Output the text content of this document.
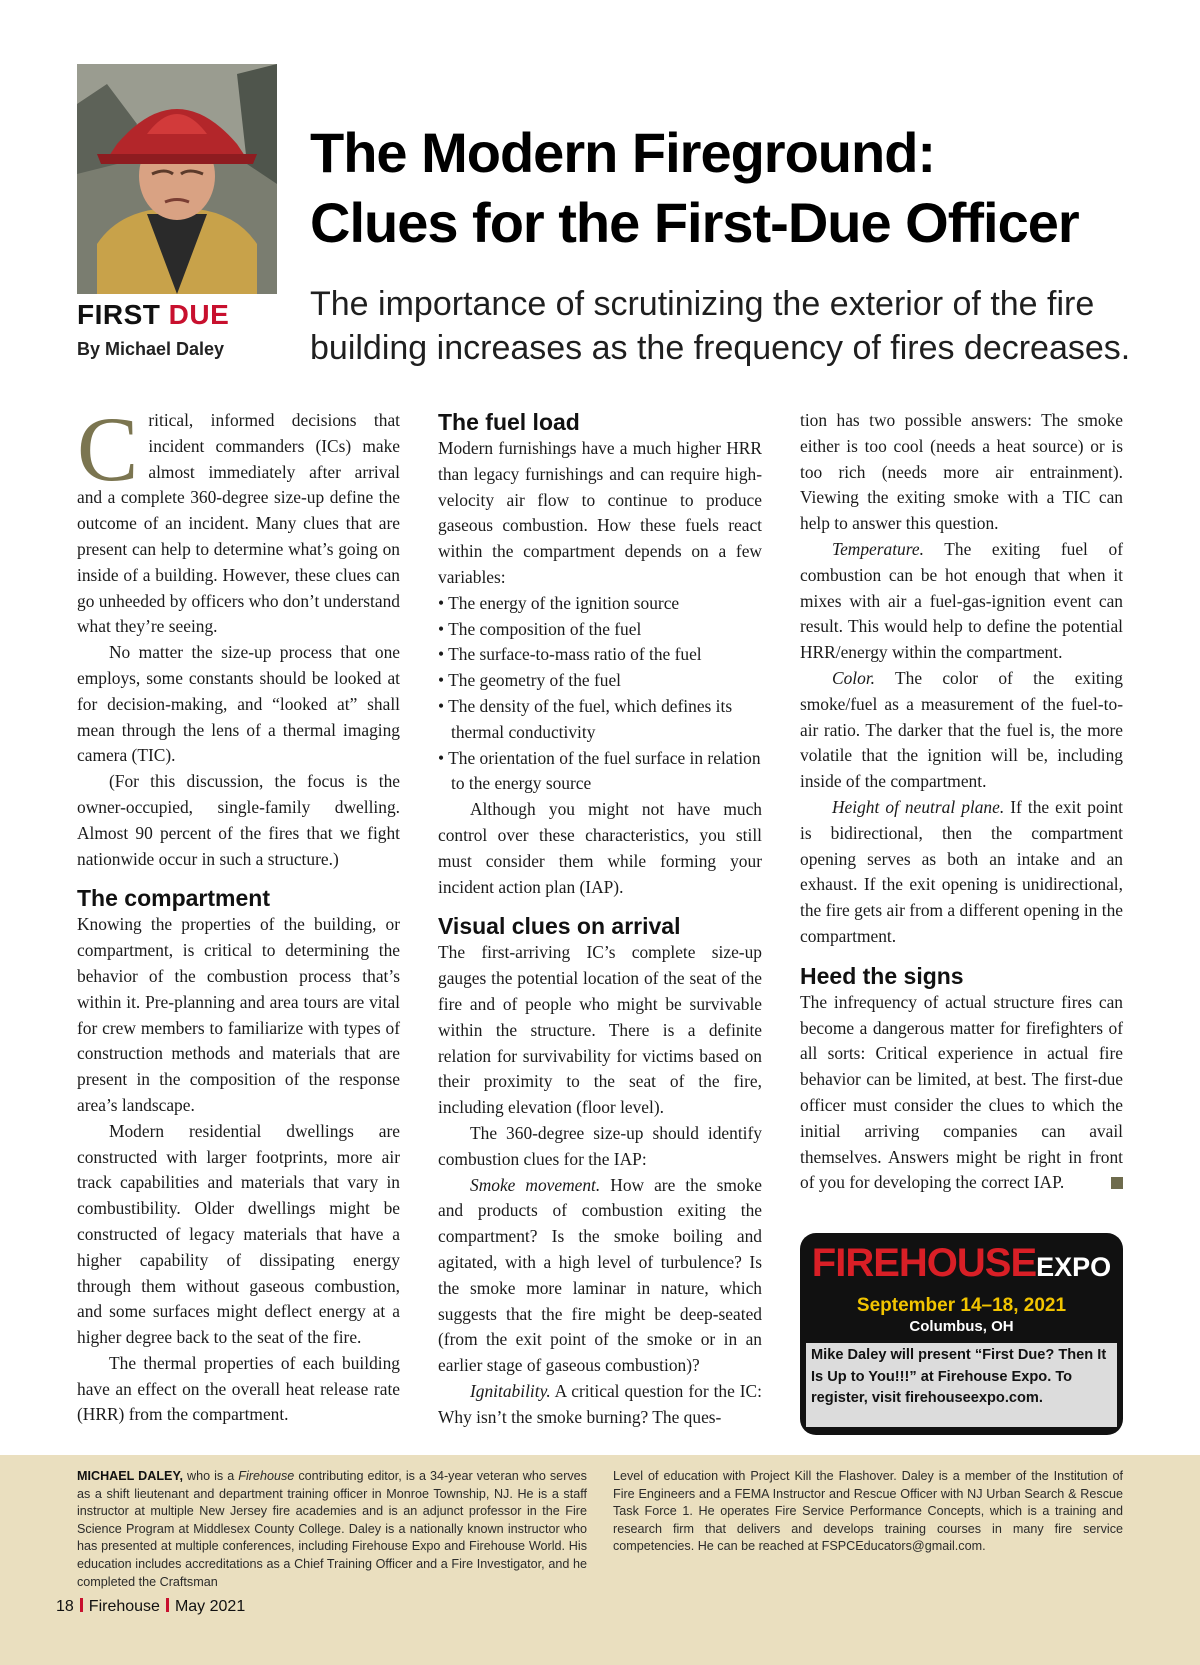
FIRST DUE
By Michael Daley
The Modern Fireground:
Clues for the First-Due Officer

The importance of scrutinizing the exterior of the fire building increases as the frequency of fires decreases.

Critical, informed decisions that incident commanders (ICs) make almost immediately after arrival and a complete 360-degree size-up define the outcome of an incident. Many clues that are present can help to determine what’s going on inside of a building. However, these clues can go unheeded by officers who don’t understand what they’re seeing.

No matter the size-up process that one employs, some constants should be looked at for decision-making, and “looked at” shall mean through the lens of a thermal imaging camera (TIC).

(For this discussion, the focus is the owner-occupied, single-family dwelling. Almost 90 percent of the fires that we fight nationwide occur in such a structure.)

The compartment

Knowing the properties of the building, or compartment, is critical to determining the behavior of the combustion process that’s within it. Pre-planning and area tours are vital for crew members to familiarize with types of construction methods and materials that are present in the composition of the response area’s landscape.

Modern residential dwellings are constructed with larger footprints, more air track capabilities and materials that vary in combustibility. Older dwellings might be constructed of legacy materials that have a higher capability of dissipating energy through them without gaseous combustion, and some surfaces might deflect energy at a higher degree back to the seat of the fire.

The thermal properties of each building have an effect on the overall heat release rate (HRR) from the compartment.

The fuel load

Modern furnishings have a much higher HRR than legacy furnishings and can require high-velocity air flow to continue to produce gaseous combustion. How these fuels react within the compartment depends on a few variables:

• The energy of the ignition source
• The composition of the fuel
• The surface-to-mass ratio of the fuel
• The geometry of the fuel
• The density of the fuel, which defines its thermal conductivity
• The orientation of the fuel surface in relation to the energy source

Although you might not have much control over these characteristics, you still must consider them while forming your incident action plan (IAP).

Visual clues on arrival

The first-arriving IC’s complete size-up gauges the potential location of the seat of the fire and of people who might be survivable within the structure. There is a definite relation for survivability for victims based on their proximity to the seat of the fire, including elevation (floor level).

The 360-degree size-up should identify combustion clues for the IAP:

Smoke movement. How are the smoke and products of combustion exiting the compartment? Is the smoke boiling and agitated, with a high level of turbulence? Is the smoke more laminar in nature, which suggests that the fire might be deep-seated (from the exit point of the smoke or in an earlier stage of gaseous combustion)?

Ignitability. A critical question for the IC: Why isn’t the smoke burning? The ques-

tion has two possible answers: The smoke either is too cool (needs a heat source) or is too rich (needs more air entrainment). Viewing the exiting smoke with a TIC can help to answer this question.

Temperature. The exiting fuel of combustion can be hot enough that when it mixes with air a fuel-gas-ignition event can result. This would help to define the potential HRR/energy within the compartment.

Color. The color of the exiting smoke/fuel as a measurement of the fuel-to-air ratio. The darker that the fuel is, the more volatile that the ignition will be, including inside of the compartment.

Height of neutral plane. If the exit point is bidirectional, then the compartment opening serves as both an intake and an exhaust. If the exit opening is unidirectional, the fire gets air from a different opening in the compartment.

Heed the signs

The infrequency of actual structure fires can become a dangerous matter for firefighters of all sorts: Critical experience in actual fire behavior can be limited, at best. The first-due officer must consider the clues to which the initial arriving companies can avail themselves. Answers might be right in front of you for developing the correct IAP.

FIREHOUSEEXPO
September 14–18, 2021
Columbus, OH
Mike Daley will present “First Due? Then It Is Up to You!!!” at Firehouse Expo. To register, visit firehouseexpo.com.

MICHAEL DALEY, who is a Firehouse contributing editor, is a 34-year veteran who serves as a shift lieutenant and department training officer in Monroe Township, NJ. He is a staff instructor at multiple New Jersey fire academies and is an adjunct professor in the Fire Science Program at Middlesex County College. Daley is a nationally known instructor who has presented at multiple conferences, including Firehouse Expo and Firehouse World. His education includes accreditations as a Chief Training Officer and a Fire Investigator, and he completed the Craftsman

Level of education with Project Kill the Flashover. Daley is a member of the Institution of Fire Engineers and a FEMA Instructor and Rescue Officer with NJ Urban Search & Rescue Task Force 1. He operates Fire Service Performance Concepts, which is a training and research firm that delivers and develops training courses in many fire service competencies. He can be reached at FSPCEducators@gmail.com.

18 Firehouse May 2021
